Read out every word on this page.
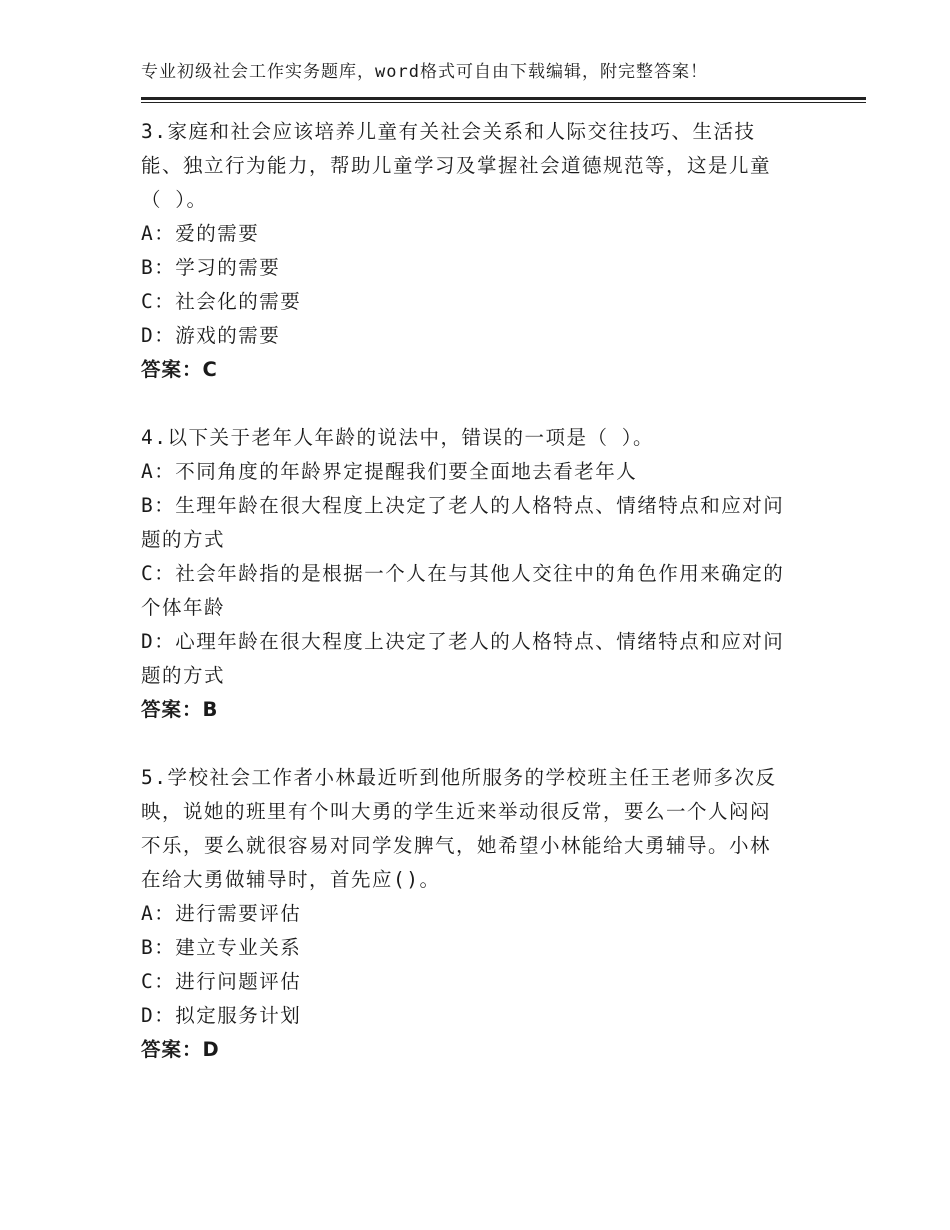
专业初级社会工作实务题库，word格式可自由下载编辑，附完整答案！
3.家庭和社会应该培养儿童有关社会关系和人际交往技巧、生活技
能、独立行为能力，帮助儿童学习及掌握社会道德规范等，这是儿童
（ ）。
A：爱的需要
B：学习的需要
C：社会化的需要
D：游戏的需要
答案：C
4.以下关于老年人年龄的说法中，错误的一项是（ ）。
A：不同角度的年龄界定提醒我们要全面地去看老年人
B：生理年龄在很大程度上决定了老人的人格特点、情绪特点和应对问
题的方式
C：社会年龄指的是根据一个人在与其他人交往中的角色作用来确定的
个体年龄
D：心理年龄在很大程度上决定了老人的人格特点、情绪特点和应对问
题的方式
答案：B
5.学校社会工作者小林最近听到他所服务的学校班主任王老师多次反
映，说她的班里有个叫大勇的学生近来举动很反常，要么一个人闷闷
不乐，要么就很容易对同学发脾气，她希望小林能给大勇辅导。小林
在给大勇做辅导时，首先应()。
A：进行需要评估
B：建立专业关系
C：进行问题评估
D：拟定服务计划
答案：D
